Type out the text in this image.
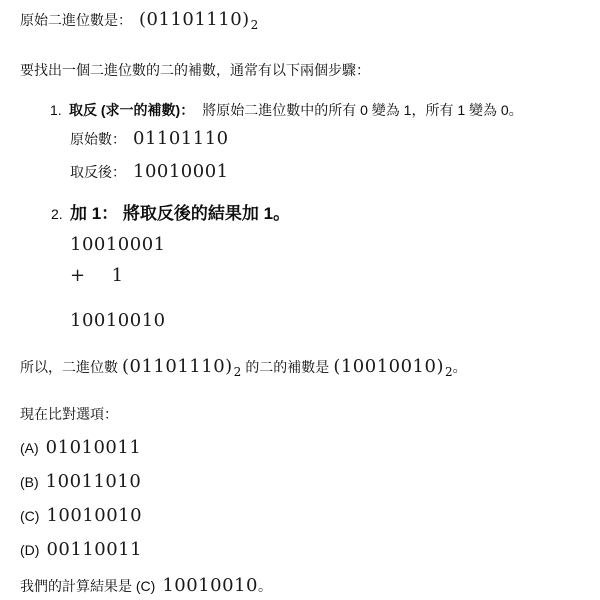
原始二進位數是： $(01101110)_2$
要找出一個二進位數的二的補數，通常有以下兩個步驟：
1. 取反 (求一的補數)： 將原始二進位數中的所有 0 變為 1，所有 1 變為 0。
原始數： 01101110
取反後： 10010001
2. 加 1： 將取反後的結果加 1。
10010001
+ 1
10010010
所以，二進位數 $(01101110)_2$ 的二的補數是 $(10010010)_2$。
現在比對選項：
(A) 01010011
(B) 10011010
(C) 10010010
(D) 00110011
我們的計算結果是 (C) 10010010。
